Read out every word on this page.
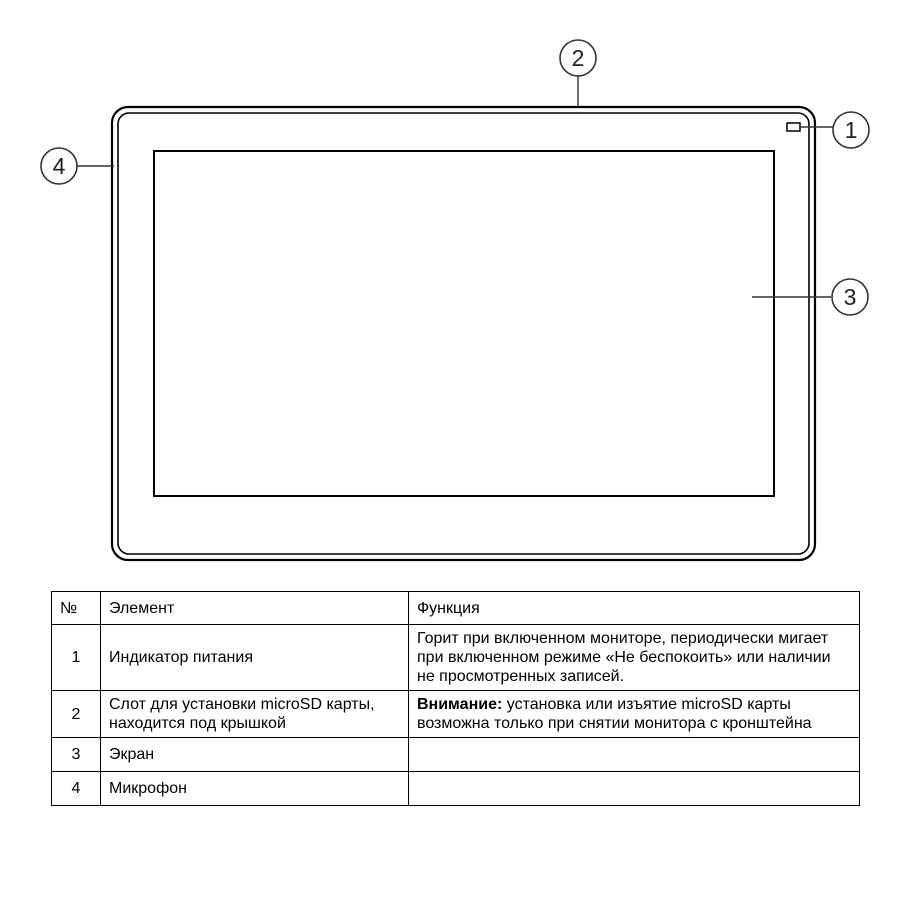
1
2
3
4
№	Элемент	Функция
1	Индикатор питания	Горит при включенном мониторе, периодически мигает при включенном режиме «Не беспокоить» или наличии не просмотренных записей.
2	Слот для установки microSD карты, находится под крышкой	Внимание: установка или изъятие microSD карты возможна только при снятии монитора с кронштейна
3	Экран	
4	Микрофон	
